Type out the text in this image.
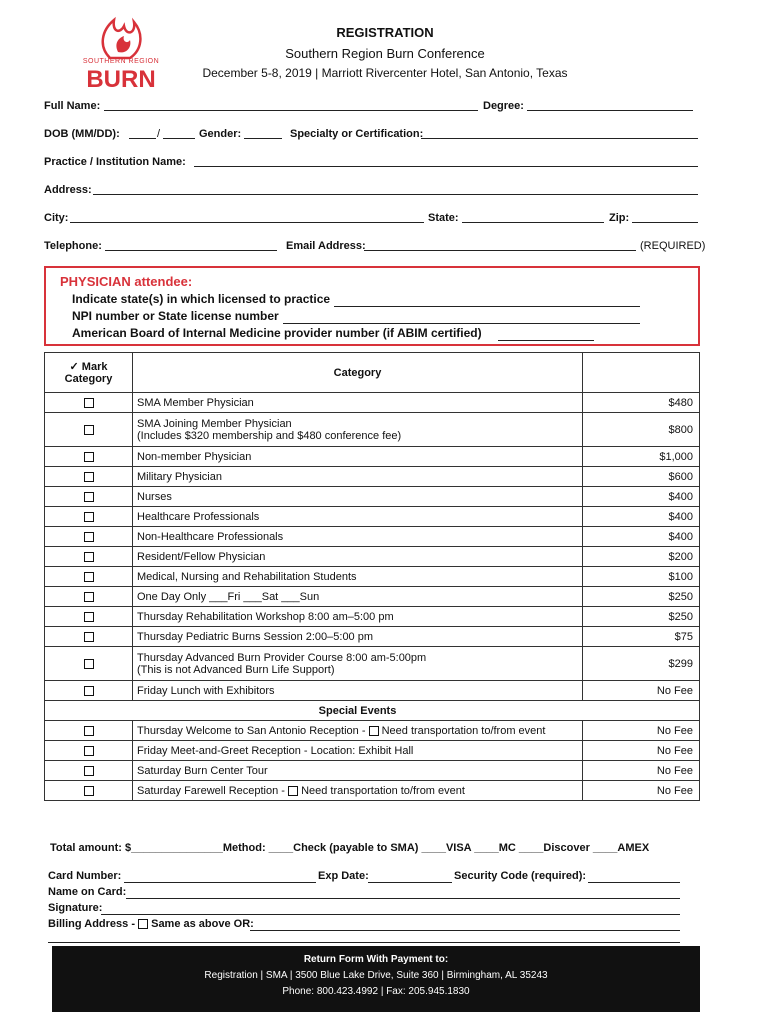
SOUTHERN REGION
BURN
REGISTRATION
Southern Region Burn Conference
December 5-8, 2019 | Marriott Rivercenter Hotel, San Antonio, Texas
Full Name:	Degree:
DOB (MM/DD):	/	Gender:	Specialty or Certification:
Practice / Institution Name:
Address:
City:	State:	Zip:
Telephone:	Email Address:	(REQUIRED)
PHYSICIAN attendee:
Indicate state(s) in which licensed to practice
NPI number or State license number
American Board of Internal Medicine provider number (if ABIM certified)
✓ Mark Category	Category	
	SMA Member Physician	$480

	SMA Joining Member Physician
(Includes $320 membership and $480 conference fee)	$800
	Non-member Physician	$1,000
	Military Physician	$600
	Nurses	$400
	Healthcare Professionals	$400
	Non-Healthcare Professionals	$400
	Resident/Fellow Physician	$200
	Medical, Nursing and Rehabilitation Students	$100
	One Day Only ___Fri ___Sat ___Sun	$250
	Thursday Rehabilitation Workshop 8:00 am–5:00 pm	$250
	Thursday Pediatric Burns Session 2:00–5:00 pm	$75

	Thursday Advanced Burn Provider Course 8:00 am-5:00pm
(This is not Advanced Burn Life Support)	$299
	Friday Lunch with Exhibitors	No Fee
	Special Events	
	Thursday Welcome to San Antonio Reception -  Need transportation to/from event	No Fee
	Friday Meet-and-Greet Reception - Location: Exhibit Hall	No Fee
	Saturday Burn Center Tour	No Fee
	Saturday Farewell Reception -  Need transportation to/from event	No Fee
Total amount: $_______________Method: ____Check (payable to SMA) ____VISA ____MC ____Discover ____AMEX
Card Number:	Exp Date:	Security Code (required):
Name on Card:
Signature:
Billing Address -  Same as above OR:
Return Form With Payment to:
Registration | SMA | 3500 Blue Lake Drive, Suite 360 | Birmingham, AL 35243
Phone: 800.423.4992 | Fax: 205.945.1830
